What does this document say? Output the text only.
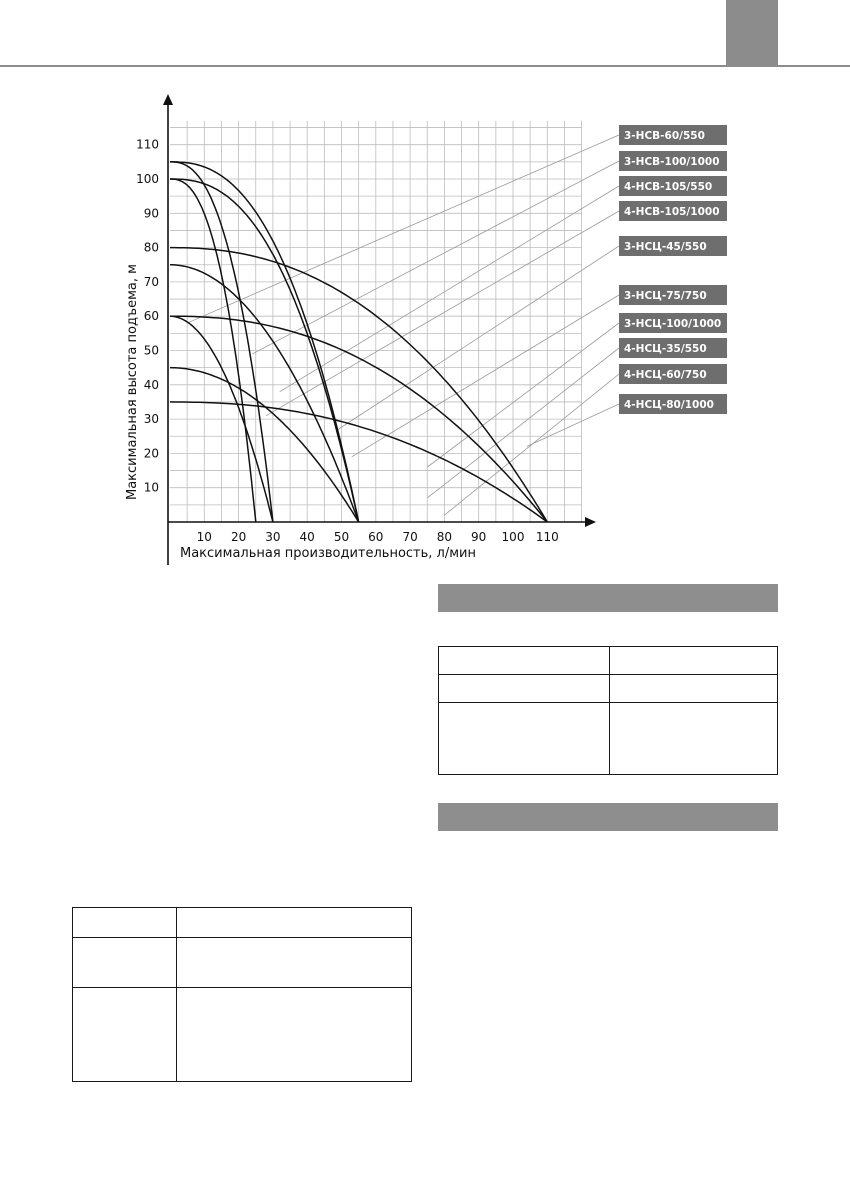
10 20 30 40 50 60 70 80 90 100 110
10
20
30
40
50
60
70
80
90
100
110
Максимальная производительность, л/мин
Максимальная высота подъема, м
3-НСВ-60/550
3-НСВ-100/1000
4-НСВ-105/550
4-НСВ-105/1000
3-НСЦ-45/550
3-НСЦ-75/750
3-НСЦ-100/1000
4-НСЦ-35/550
4-НСЦ-60/750
4-НСЦ-80/1000
